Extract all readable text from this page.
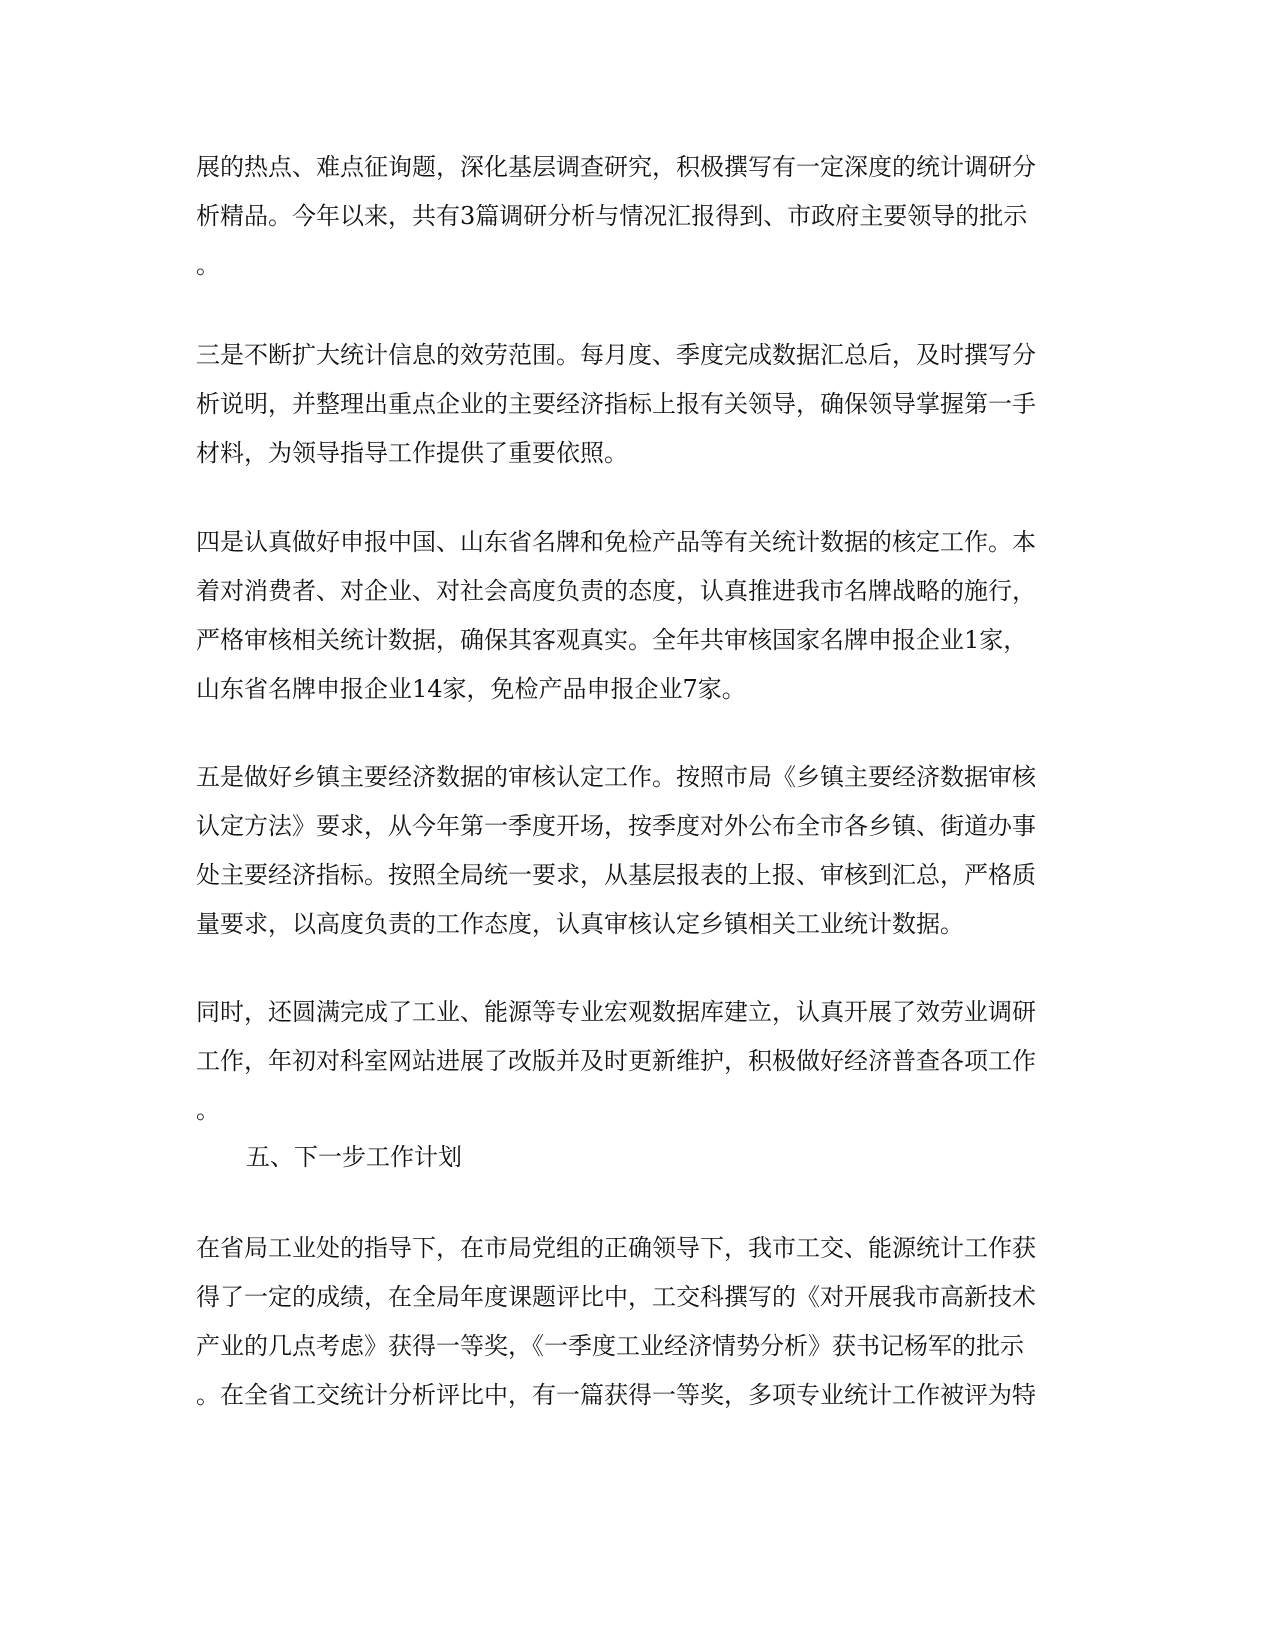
展的热点、难点征询题，深化基层调查研究，积极撰写有一定深度的统计调研分
析精品。今年以来，共有3篇调研分析与情况汇报得到、市政府主要领导的批示
。
三是不断扩大统计信息的效劳范围。每月度、季度完成数据汇总后，及时撰写分
析说明，并整理出重点企业的主要经济指标上报有关领导，确保领导掌握第一手
材料，为领导指导工作提供了重要依照。
四是认真做好申报中国、山东省名牌和免检产品等有关统计数据的核定工作。本
着对消费者、对企业、对社会高度负责的态度，认真推进我市名牌战略的施行，
严格审核相关统计数据，确保其客观真实。全年共审核国家名牌申报企业1家，
山东省名牌申报企业14家，免检产品申报企业7家。
五是做好乡镇主要经济数据的审核认定工作。按照市局《乡镇主要经济数据审核
认定方法》要求，从今年第一季度开场，按季度对外公布全市各乡镇、街道办事
处主要经济指标。按照全局统一要求，从基层报表的上报、审核到汇总，严格质
量要求，以高度负责的工作态度，认真审核认定乡镇相关工业统计数据。
同时，还圆满完成了工业、能源等专业宏观数据库建立，认真开展了效劳业调研
工作，年初对科室网站进展了改版并及时更新维护，积极做好经济普查各项工作
。
五、下一步工作计划
在省局工业处的指导下，在市局党组的正确领导下，我市工交、能源统计工作获
得了一定的成绩，在全局年度课题评比中，工交科撰写的《对开展我市高新技术
产业的几点考虑》获得一等奖，《一季度工业经济情势分析》获书记杨军的批示
。在全省工交统计分析评比中，有一篇获得一等奖，多项专业统计工作被评为特
